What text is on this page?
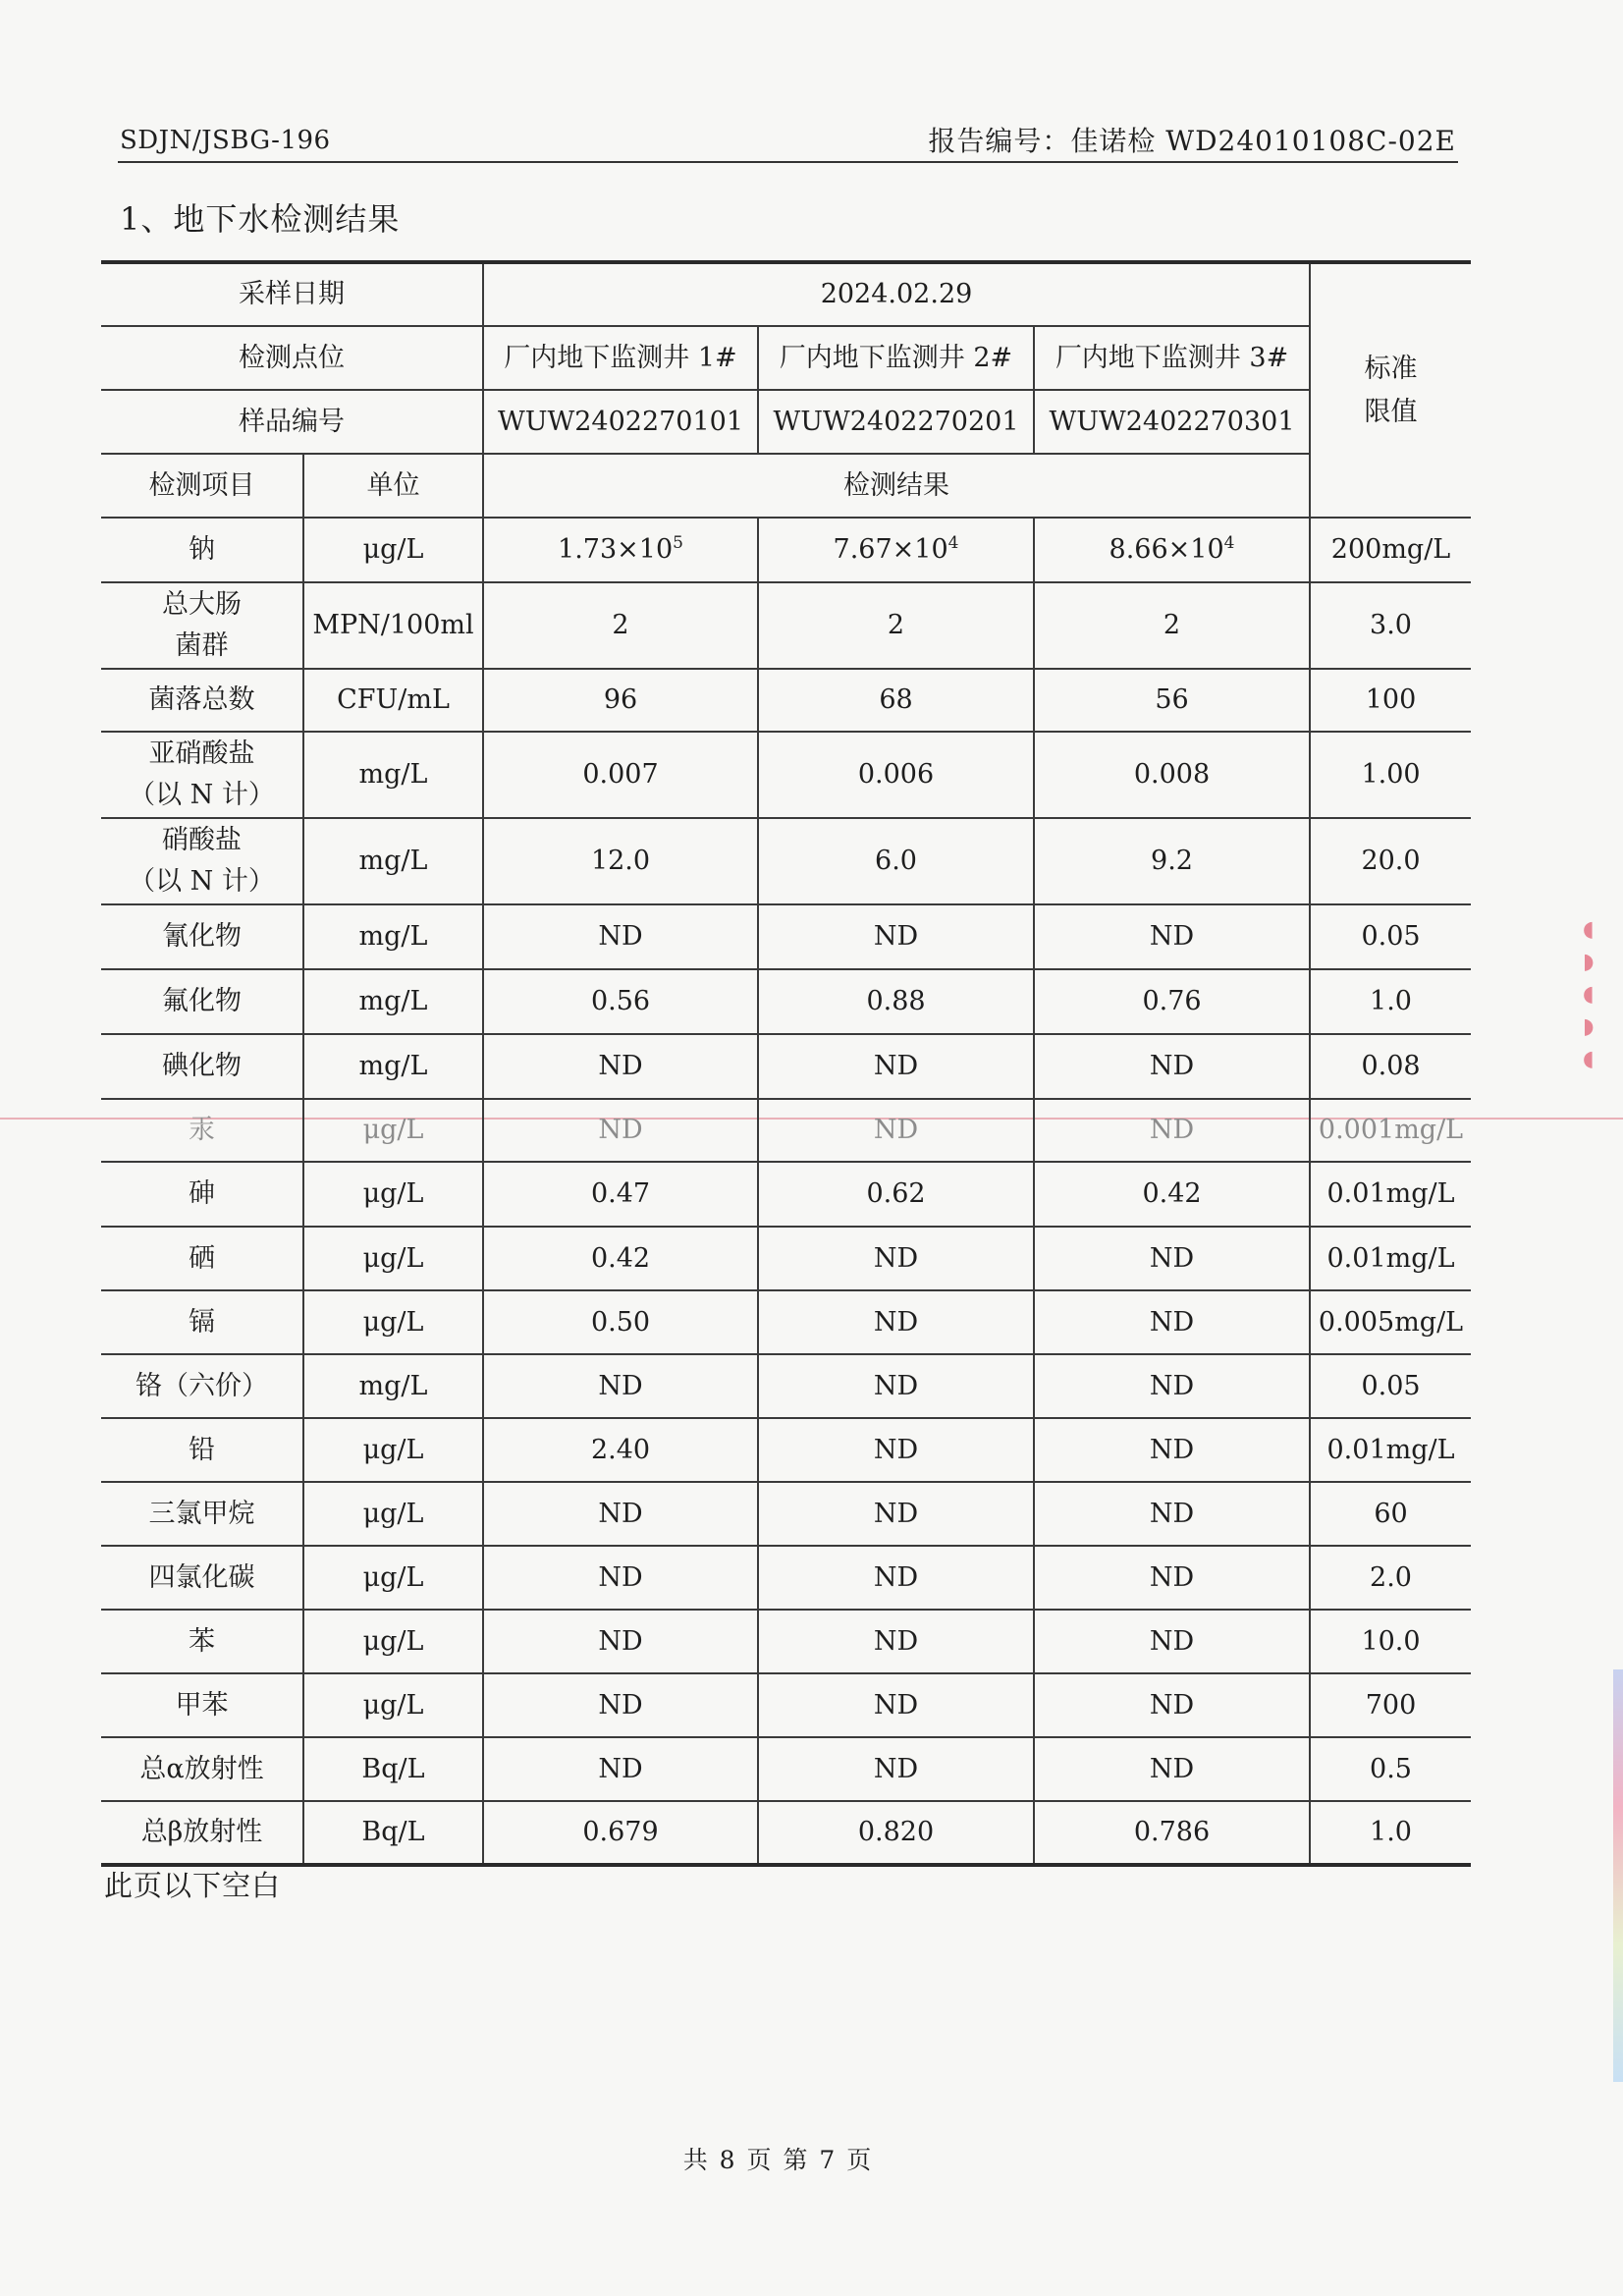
◖
◗
◖
◗
◖
SDJN/JSBG-196	报告编号：佳诺检 WD24010108C-02E
1、地下水检测结果
采样日期		2024.02.29			标准
限值
检测点位		厂内地下监测井 1#	厂内地下监测井 2#	厂内地下监测井 3#	
样品编号		WUW2402270101	WUW2402270201	WUW2402270301	
检测项目	单位	检测结果			
钠	μg/L	$1.73\times 10^5$	$7.67\times 10^4$	$8.66\times 10^4$	200mg/L
总大肠
菌群	MPN/100ml	2	2	2	3.0
菌落总数	CFU/mL	96	68	56	100
亚硝酸盐
（以 N 计）	mg/L	0.007	0.006	0.008	1.00
硝酸盐
（以 N 计）	mg/L	12.0	6.0	9.2	20.0
氰化物	mg/L	ND	ND	ND	0.05
氟化物	mg/L	0.56	0.88	0.76	1.0
碘化物	mg/L	ND	ND	ND	0.08
汞	μg/L	ND	ND	ND	0.001mg/L
砷	μg/L	0.47	0.62	0.42	0.01mg/L
硒	μg/L	0.42	ND	ND	0.01mg/L
镉	μg/L	0.50	ND	ND	0.005mg/L
铬（六价）	mg/L	ND	ND	ND	0.05
铅	μg/L	2.40	ND	ND	0.01mg/L
三氯甲烷	μg/L	ND	ND	ND	60
四氯化碳	μg/L	ND	ND	ND	2.0
苯	μg/L	ND	ND	ND	10.0
甲苯	μg/L	ND	ND	ND	700
总α放射性	Bq/L	ND	ND	ND	0.5
总β放射性	Bq/L	0.679	0.820	0.786	1.0
此页以下空白
共 8 页 第 7 页
